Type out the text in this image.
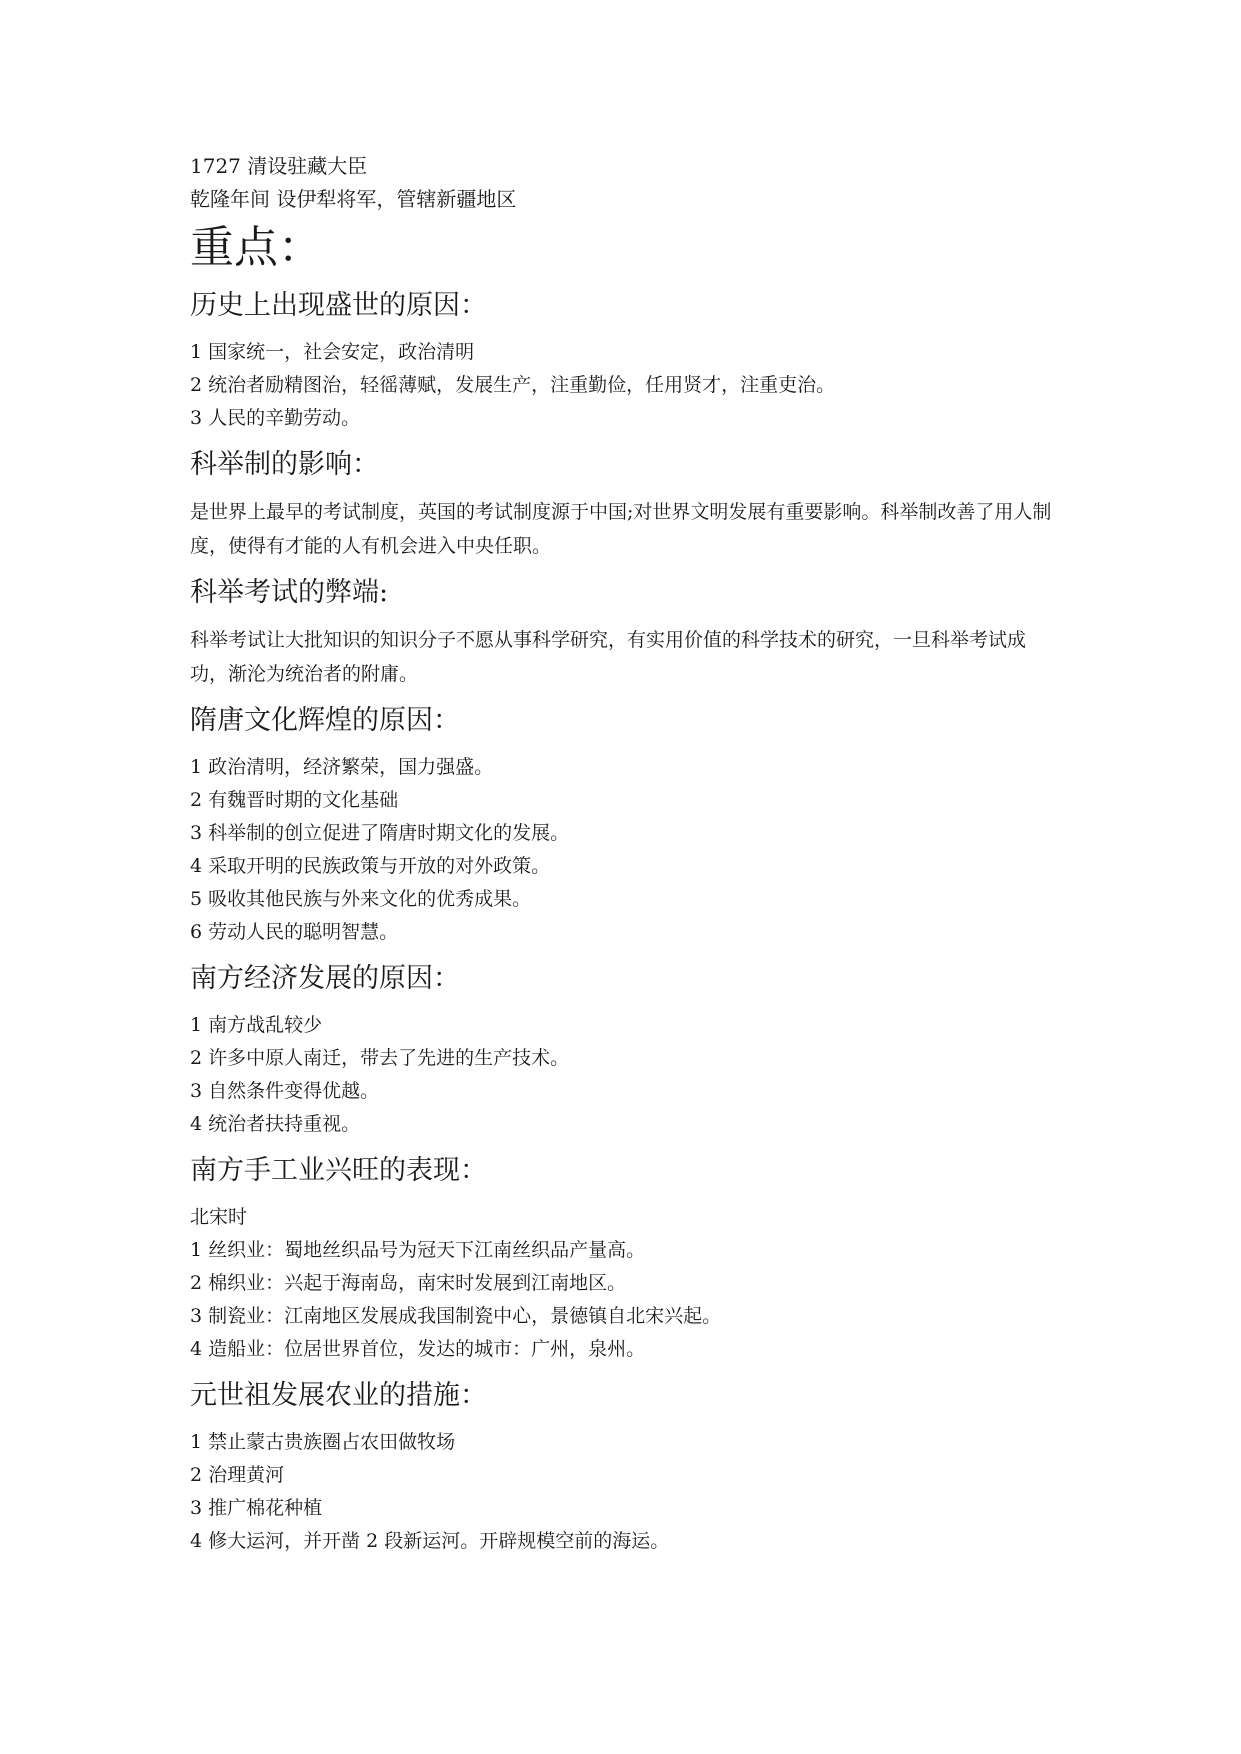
1727 清设驻藏大臣

乾隆年间 设伊犁将军，管辖新疆地区

重点：
历史上出现盛世的原因：

1 国家统一，社会安定，政治清明

2 统治者励精图治，轻徭薄赋，发展生产，注重勤俭，任用贤才，注重吏治。

3 人民的辛勤劳动。

科举制的影响：

是世界上最早的考试制度，英国的考试制度源于中国;对世界文明发展有重要影响。科举制改善了用人制度，使得有才能的人有机会进入中央任职。

科举考试的弊端:

科举考试让大批知识的知识分子不愿从事科学研究，有实用价值的科学技术的研究，一旦科举考试成功，渐沦为统治者的附庸。

隋唐文化辉煌的原因：

1 政治清明，经济繁荣，国力强盛。

2 有魏晋时期的文化基础

3 科举制的创立促进了隋唐时期文化的发展。

4 采取开明的民族政策与开放的对外政策。

5 吸收其他民族与外来文化的优秀成果。

6 劳动人民的聪明智慧。

南方经济发展的原因：

1 南方战乱较少

2 许多中原人南迁，带去了先进的生产技术。

3 自然条件变得优越。

4 统治者扶持重视。

南方手工业兴旺的表现：

北宋时

1 丝织业：蜀地丝织品号为冠天下江南丝织品产量高。

2 棉织业：兴起于海南岛，南宋时发展到江南地区。

3 制瓷业：江南地区发展成我国制瓷中心，景德镇自北宋兴起。

4 造船业：位居世界首位，发达的城市：广州，泉州。

元世祖发展农业的措施：

1 禁止蒙古贵族圈占农田做牧场

2 治理黄河

3 推广棉花种植

4 修大运河，并开凿 2 段新运河。开辟规模空前的海运。
